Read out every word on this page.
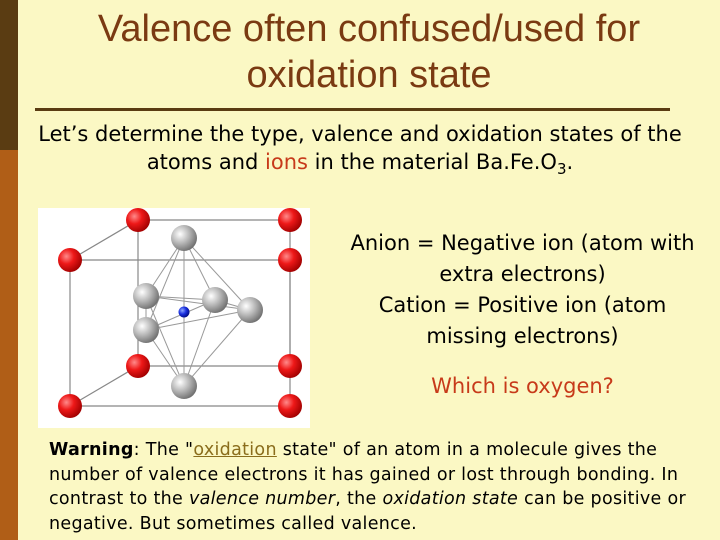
Valence often confused/used for oxidation state
Let’s determine the type, valence and oxidation states of the atoms and ions in the material $Ba.Fe.O_3$.
Anion = Negative ion (atom with extra electrons)
Cation = Positive ion (atom missing electrons)
Which is oxygen?
Warning: The "oxidation state" of an atom in a molecule gives the number of valence electrons it has gained or lost through bonding. In contrast to the valence number, the oxidation state can be positive or negative. But sometimes called valence.
